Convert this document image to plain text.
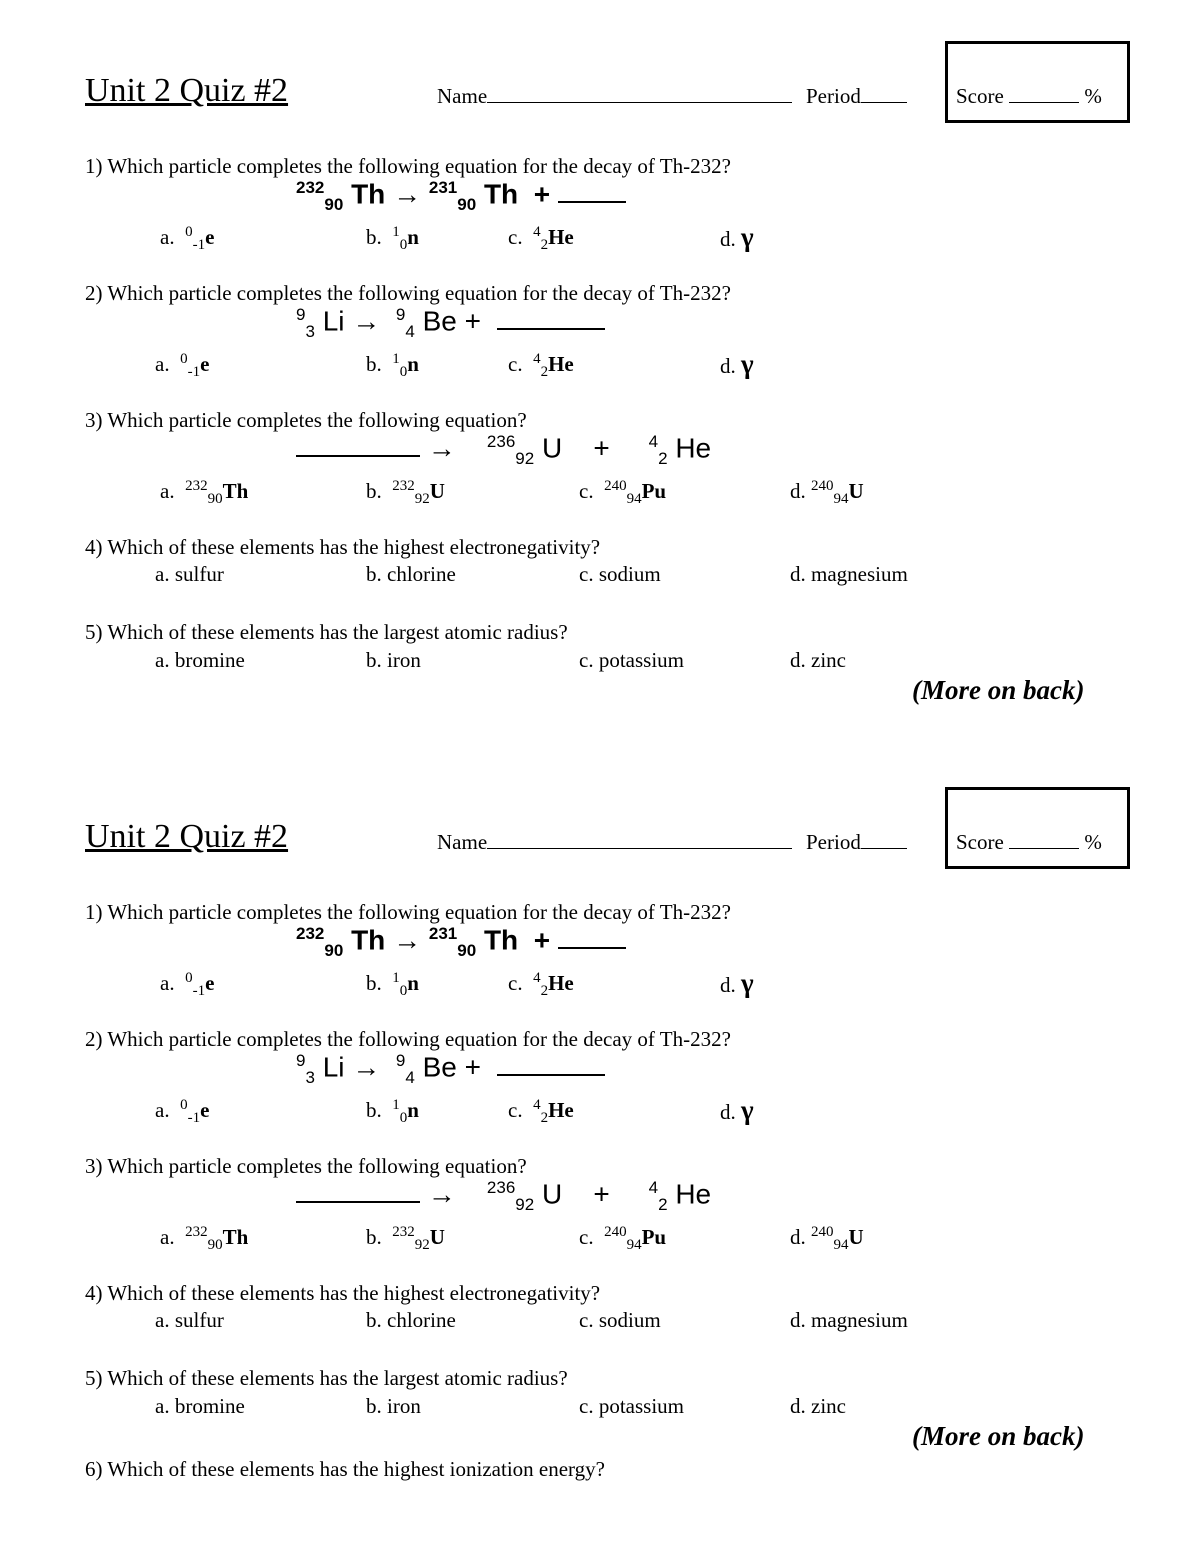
Unit 2 Quiz #2	Name	Period	Score	%
1) Which particle completes the following equation for the decay of Th-232?
$^{232}_{90}$ Th → $^{231}_{90}$ Th +
a. $^0_{-1}$e	b. $^1_0$n	c. $^4_2$He	d. γ
2) Which particle completes the following equation for the decay of Th-232?
$^9_3$ Li → $^9_4$ Be +
a. $^0_{-1}$e	b. $^1_0$n	c. $^4_2$He	d. γ
3) Which particle completes the following equation?
→ $^{236}_{92}$ U + $^4_2$ He
a. $^{232}_{90}$Th	b. $^{232}_{92}$U	c. $^{240}_{94}$Pu	d. $^{240}_{94}$U
4) Which of these elements has the highest electronegativity?
a. sulfur	b. chlorine	c. sodium	d. magnesium
5) Which of these elements has the largest atomic radius?
a. bromine	b. iron	c. potassium	d. zinc
(More on back)
Unit 2 Quiz #2	Name	Period	Score	%
1) Which particle completes the following equation for the decay of Th-232?
$^{232}_{90}$ Th → $^{231}_{90}$ Th +
a. $^0_{-1}$e	b. $^1_0$n	c. $^4_2$He	d. γ
2) Which particle completes the following equation for the decay of Th-232?
$^9_3$ Li → $^9_4$ Be +
a. $^0_{-1}$e	b. $^1_0$n	c. $^4_2$He	d. γ
3) Which particle completes the following equation?
→ $^{236}_{92}$ U + $^4_2$ He
a. $^{232}_{90}$Th	b. $^{232}_{92}$U	c. $^{240}_{94}$Pu	d. $^{240}_{94}$U
4) Which of these elements has the highest electronegativity?
a. sulfur	b. chlorine	c. sodium	d. magnesium
5) Which of these elements has the largest atomic radius?
a. bromine	b. iron	c. potassium	d. zinc
(More on back)
6) Which of these elements has the highest ionization energy?
